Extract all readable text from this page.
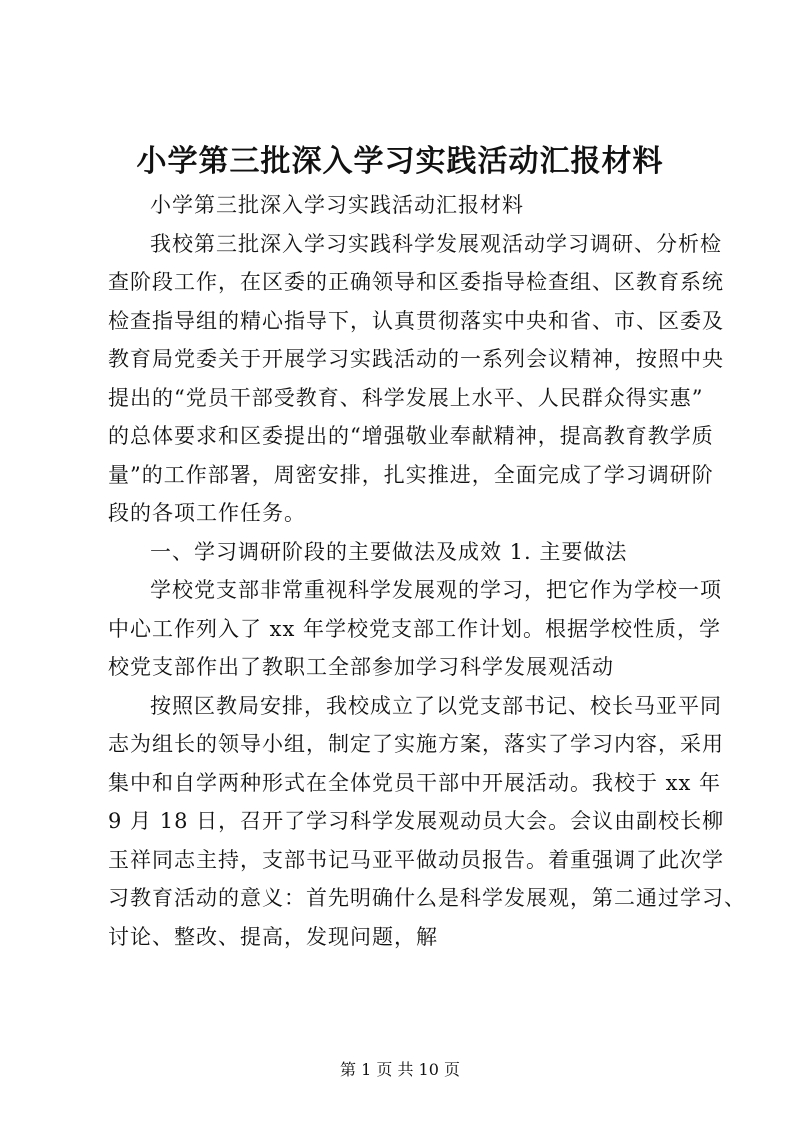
小学第三批深入学习实践活动汇报材料
小学第三批深入学习实践活动汇报材料
我校第三批深入学习实践科学发展观活动学习调研、分析检
查阶段工作，在区委的正确领导和区委指导检查组、区教育系统
检查指导组的精心指导下，认真贯彻落实中央和省、市、区委及
教育局党委关于开展学习实践活动的一系列会议精神，按照中央
提出的“党员干部受教育、科学发展上水平、人民群众得实惠”
的总体要求和区委提出的“增强敬业奉献精神，提高教育教学质
量”的工作部署，周密安排，扎实推进，全面完成了学习调研阶
段的各项工作任务。
一、学习调研阶段的主要做法及成效 1. 主要做法
学校党支部非常重视科学发展观的学习，把它作为学校一项
中心工作列入了 xx 年学校党支部工作计划。根据学校性质，学
校党支部作出了教职工全部参加学习科学发展观活动
按照区教局安排，我校成立了以党支部书记、校长马亚平同
志为组长的领导小组，制定了实施方案，落实了学习内容，采用
集中和自学两种形式在全体党员干部中开展活动。我校于 xx 年
9 月 18 日，召开了学习科学发展观动员大会。会议由副校长柳
玉祥同志主持，支部书记马亚平做动员报告。着重强调了此次学
习教育活动的意义：首先明确什么是科学发展观，第二通过学习、
讨论、整改、提高，发现问题，解
第 1 页 共 10 页
